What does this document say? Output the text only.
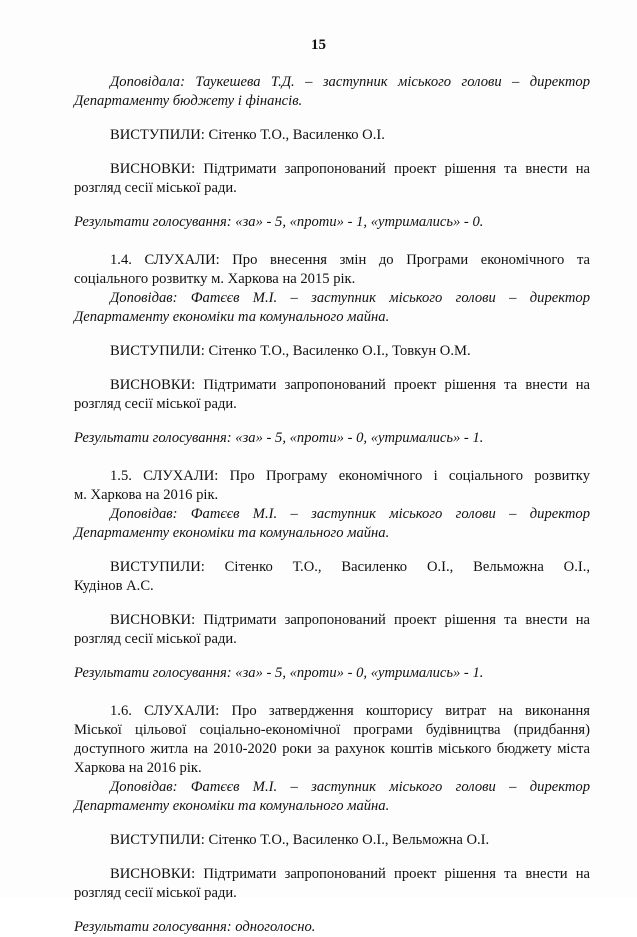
15
Доповідала: Таукешева Т.Д. – заступник міського голови – директор
Департаменту бюджету і фінансів.
ВИСТУПИЛИ: Сітенко Т.О., Василенко О.І.
ВИСНОВКИ: Підтримати запропонований проект рішення та внести на
розгляд сесії міської ради.
Результати голосування: «за» - 5, «проти» - 1, «утримались» - 0.
1.4. СЛУХАЛИ: Про внесення змін до Програми економічного та
соціального розвитку м. Харкова на 2015 рік.
Доповідав: Фатєєв М.І. – заступник міського голови – директор
Департаменту економіки та комунального майна.
ВИСТУПИЛИ: Сітенко Т.О., Василенко О.І., Товкун О.М.
ВИСНОВКИ: Підтримати запропонований проект рішення та внести на
розгляд сесії міської ради.
Результати голосування: «за» - 5, «проти» - 0, «утримались» - 1.
1.5. СЛУХАЛИ: Про Програму економічного і соціального розвитку
м. Харкова на 2016 рік.
Доповідав: Фатєєв М.І. – заступник міського голови – директор
Департаменту економіки та комунального майна.
ВИСТУПИЛИ: Сітенко Т.О., Василенко О.І., Вельможна О.І.,
Кудінов А.С.
ВИСНОВКИ: Підтримати запропонований проект рішення та внести на
розгляд сесії міської ради.
Результати голосування: «за» - 5, «проти» - 0, «утримались» - 1.
1.6. СЛУХАЛИ: Про затвердження кошторису витрат на виконання
Міської цільової соціально-економічної програми будівництва (придбання)
доступного житла на 2010-2020 роки за рахунок коштів міського бюджету міста
Харкова на 2016 рік.
Доповідав: Фатєєв М.І. – заступник міського голови – директор
Департаменту економіки та комунального майна.
ВИСТУПИЛИ: Сітенко Т.О., Василенко О.І., Вельможна О.І.
ВИСНОВКИ: Підтримати запропонований проект рішення та внести на
розгляд сесії міської ради.
Результати голосування: одноголосно.
